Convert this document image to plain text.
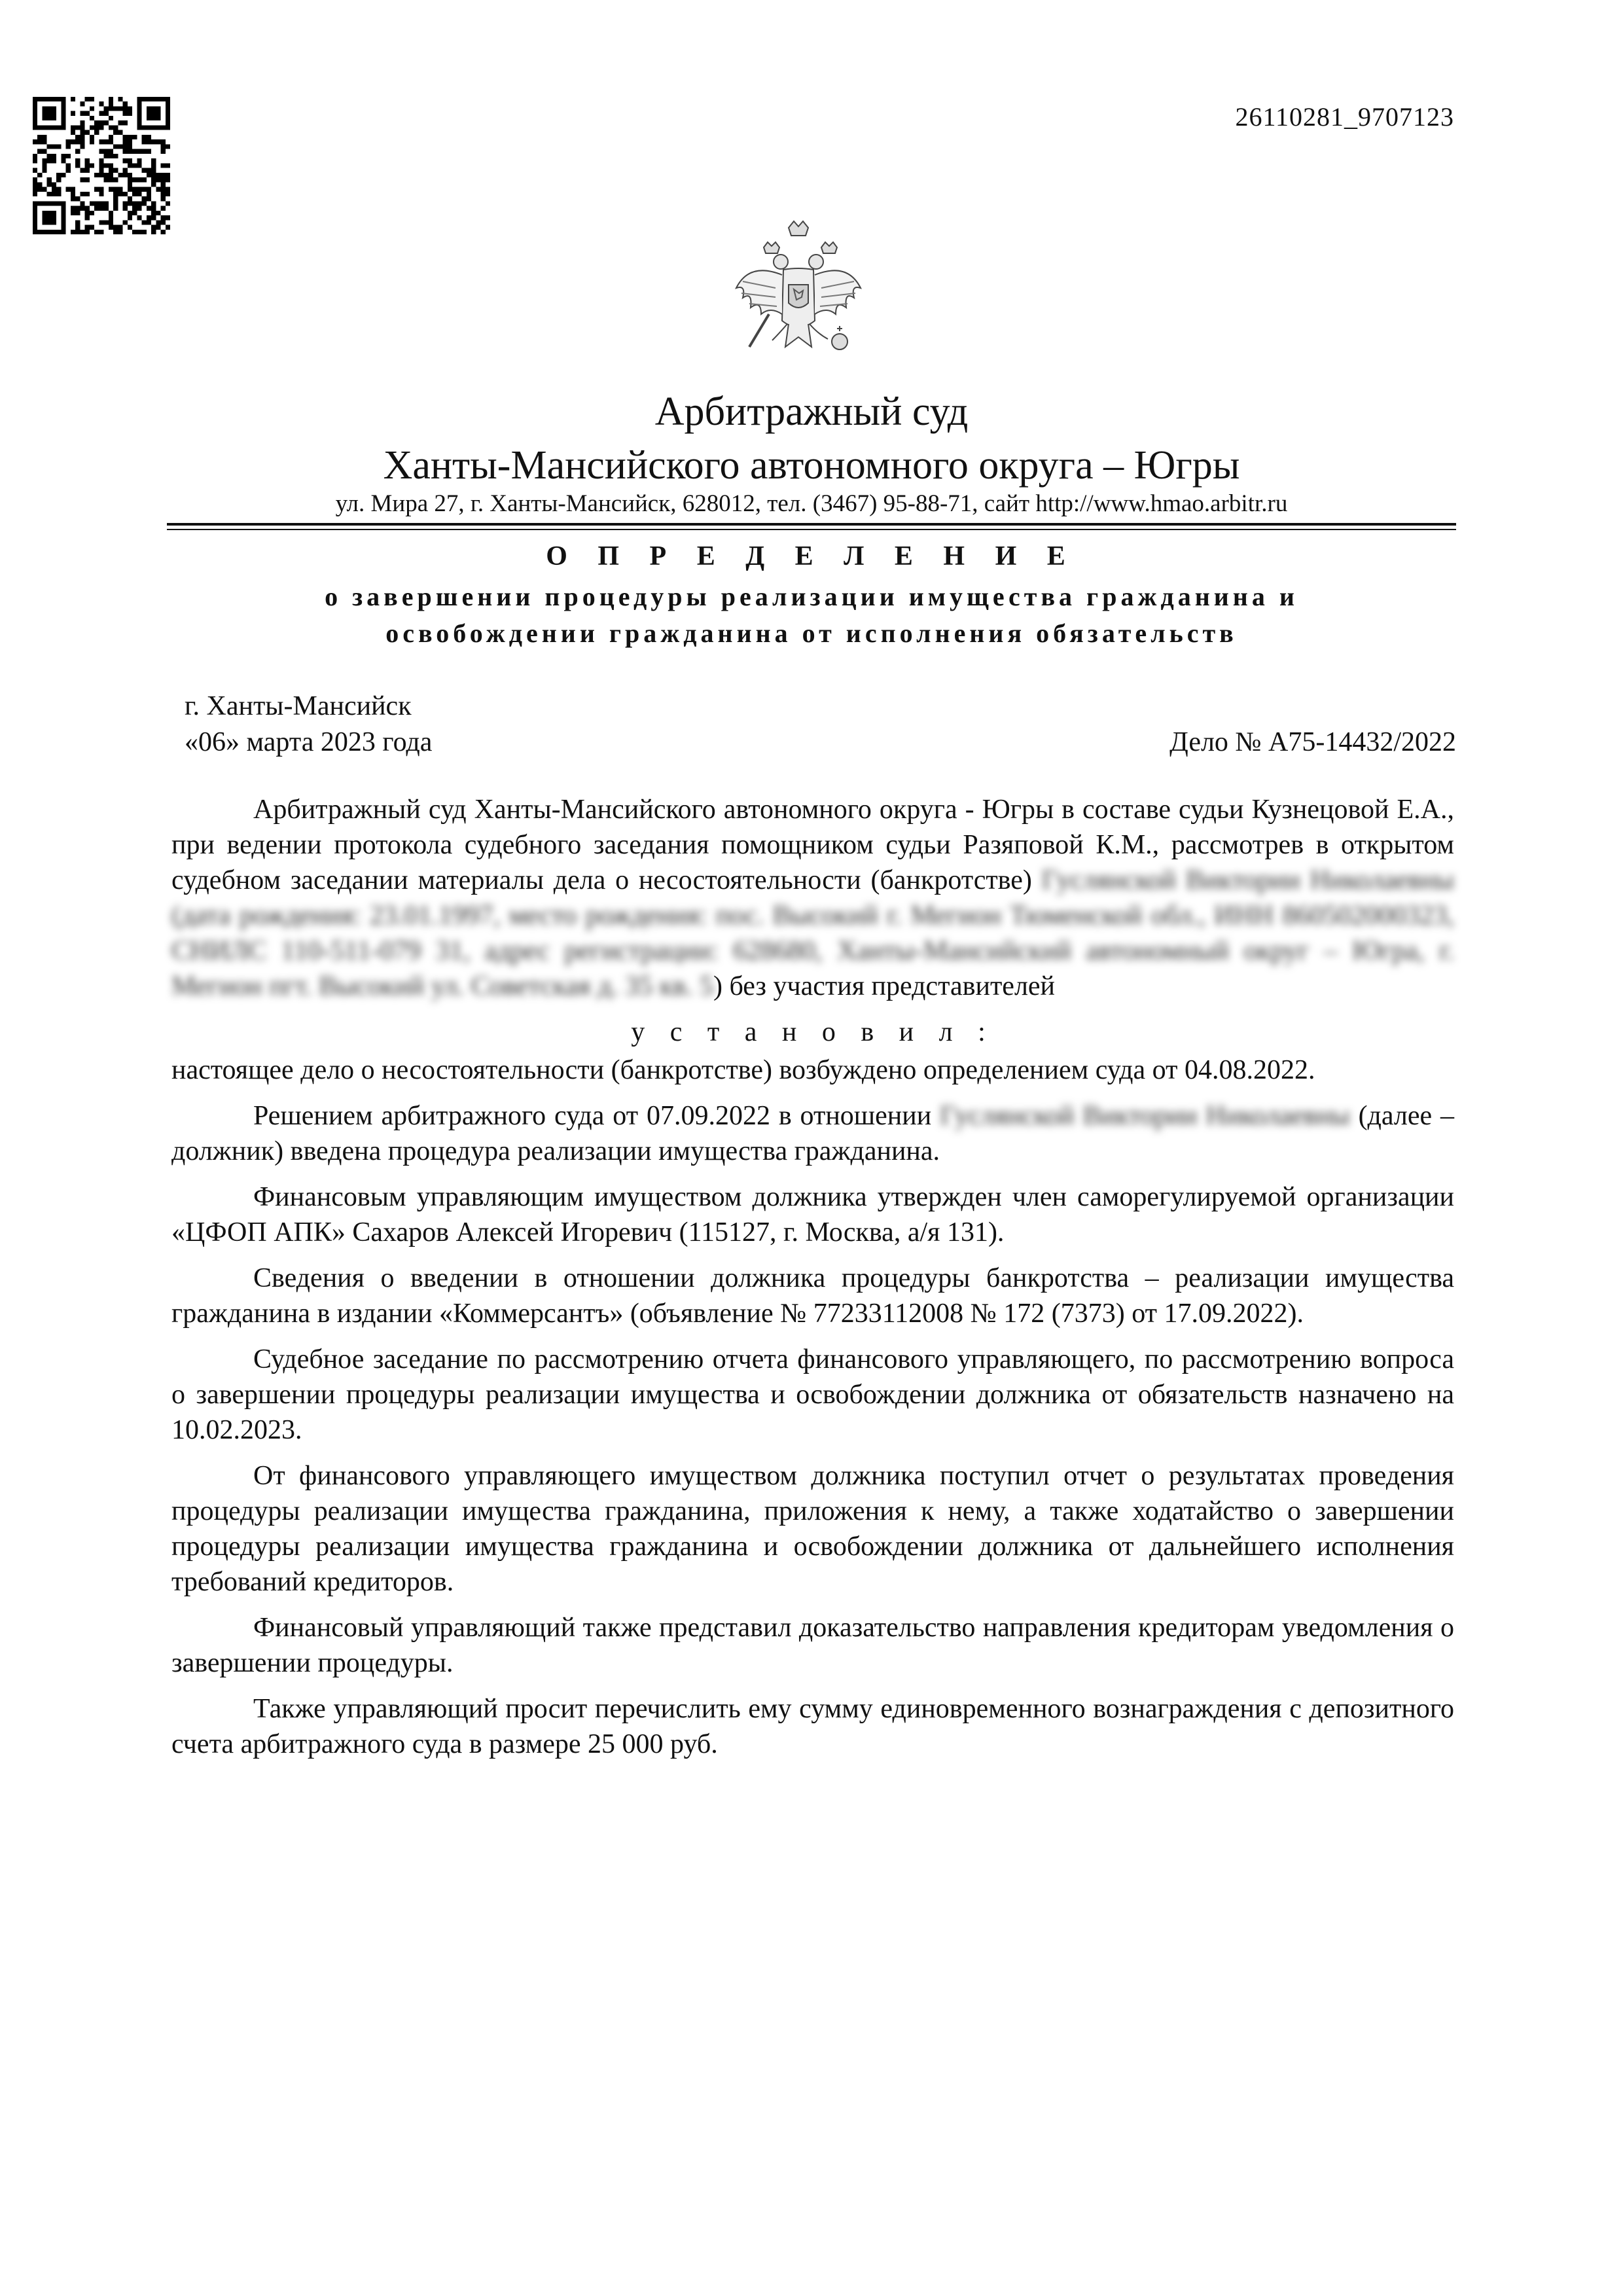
26110281_9707123
Арбитражный суд
Ханты-Мансийского автономного округа – Югры
ул. Мира 27, г. Ханты-Мансийск, 628012, тел. (3467) 95-88-71, сайт http://www.hmao.arbitr.ru
О П Р Е Д Е Л Е Н И Е
о завершении процедуры реализации имущества гражданина и
освобождении гражданина от исполнения обязательств
г. Ханты-Мансийск
«06» марта 2023 года	Дело № А75-14432/2022

Арбитражный суд Ханты-Мансийского автономного округа - Югры в составе судьи Кузнецовой Е.А., при ведении протокола судебного заседания помощником судьи Разяповой К.М., рассмотрев в открытом судебном заседании материалы дела о несостоятельности (банкротстве) Гуслянской Виктории Николаевны (дата рождения: 23.01.1997, место рождения: пос. Высокий г. Мегион Тюменской обл., ИНН 860502000323, СНИЛС 110-511-079 31, адрес регистрации: 628680, Ханты-Мансийский автономный округ – Югра, г. Мегион пгт. Высокий ул. Советская д. 35 кв. 5) без участия представителей

у с т а н о в и л :

настоящее дело о несостоятельности (банкротстве) возбуждено определением суда от 04.08.2022.

Решением арбитражного суда от 07.09.2022 в отношении Гуслянской Виктории Николаевны (далее – должник) введена процедура реализации имущества гражданина.

Финансовым управляющим имуществом должника утвержден член саморегулируемой организации «ЦФОП АПК» Сахаров Алексей Игоревич (115127, г. Москва, а/я 131).

Сведения о введении в отношении должника процедуры банкротства – реализации имущества гражданина в издании «Коммерсантъ» (объявление № 77233112008 № 172 (7373) от 17.09.2022).

Судебное заседание по рассмотрению отчета финансового управляющего, по рассмотрению вопроса о завершении процедуры реализации имущества и освобождении должника от обязательств назначено на 10.02.2023.

От финансового управляющего имуществом должника поступил отчет о результатах проведения процедуры реализации имущества гражданина, приложения к нему, а также ходатайство о завершении процедуры реализации имущества гражданина и освобождении должника от дальнейшего исполнения требований кредиторов.

Финансовый управляющий также представил доказательство направления кредиторам уведомления о завершении процедуры.

Также управляющий просит перечислить ему сумму единовременного вознаграждения с депозитного счета арбитражного суда в размере 25 000 руб.
